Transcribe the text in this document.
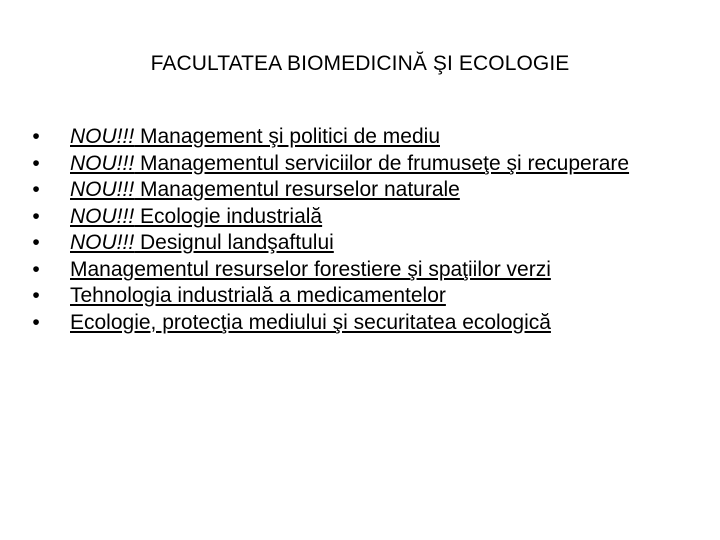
FACULTATEA BIOMEDICINĂ ŞI ECOLOGIE
• NOU!!! Management şi politici de mediu
• NOU!!! Managementul serviciilor de frumuseţe şi recuperare
• NOU!!! Managementul resurselor naturale
• NOU!!! Ecologie industrială
• NOU!!! Designul landşaftului
• Managementul resurselor forestiere şi spaţiilor verzi
• Tehnologia industrială a medicamentelor
• Ecologie, protecţia mediului şi securitatea ecologică
